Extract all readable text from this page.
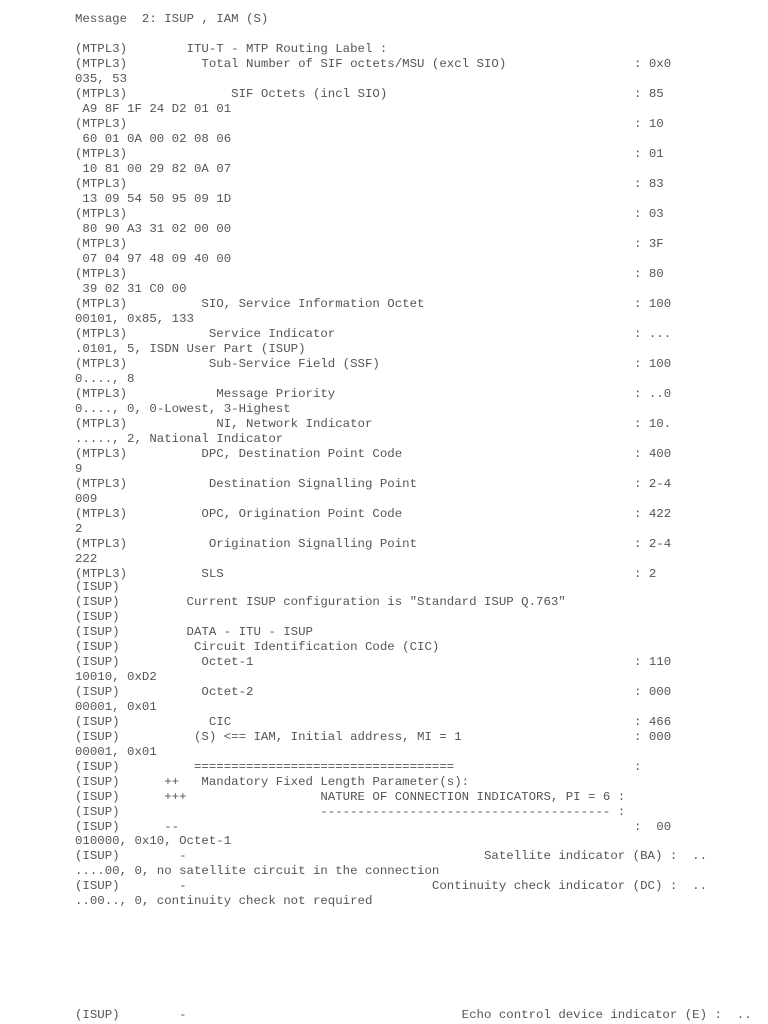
Message  2: ISUP , IAM (S)
(MTPL3)        ITU-T - MTP Routing Label :
(MTPL3)          Total Number of SIF octets/MSU (excl SIO)	: 0x0
035, 53
(MTPL3)              SIF Octets (incl SIO)	: 85
A9 8F 1F 24 D2 01 01
(MTPL3)	: 10
60 01 0A 00 02 08 06
(MTPL3)	: 01
10 81 00 29 82 0A 07
(MTPL3)	: 83
13 09 54 50 95 09 1D
(MTPL3)	: 03
80 90 A3 31 02 00 00
(MTPL3)	: 3F
07 04 97 48 09 40 00
(MTPL3)	: 80
39 02 31 C0 00
(MTPL3)          SIO, Service Information Octet	: 100
00101, 0x85, 133
(MTPL3)           Service Indicator	: ...
.0101, 5, ISDN User Part (ISUP)
(MTPL3)           Sub-Service Field (SSF)	: 100
0...., 8
(MTPL3)            Message Priority	: ..0
0...., 0, 0-Lowest, 3-Highest
(MTPL3)            NI, Network Indicator	: 10.
....., 2, National Indicator
(MTPL3)          DPC, Destination Point Code	: 400
9
(MTPL3)           Destination Signalling Point	: 2-4
009
(MTPL3)          OPC, Origination Point Code	: 422
2
(MTPL3)           Origination Signalling Point	: 2-4
222
(MTPL3)          SLS	: 2
(ISUP)
(ISUP)         Current ISUP configuration is "Standard ISUP Q.763"
(ISUP)
(ISUP)         DATA - ITU - ISUP
(ISUP)          Circuit Identification Code (CIC)
(ISUP)           Octet-1	: 110
10010, 0xD2
(ISUP)           Octet-2	: 000
00001, 0x01
(ISUP)            CIC	: 466
(ISUP)          (S) <== IAM, Initial address, MI = 1	: 000
00001, 0x01
(ISUP)          ===================================	:
(ISUP)      ++   Mandatory Fixed Length Parameter(s):
(ISUP)      +++                  NATURE OF CONNECTION INDICATORS, PI = 6 :
(ISUP)                           --------------------------------------- :
(ISUP)      --	:  00
010000, 0x10, Octet-1
(ISUP)        -                                        Satellite indicator (BA) :  ..
....00, 0, no satellite circuit in the connection
(ISUP)        -                                 Continuity check indicator (DC) :  ..
..00.., 0, continuity check not required
(ISUP)        -                                     Echo control device indicator (E) :  ..
